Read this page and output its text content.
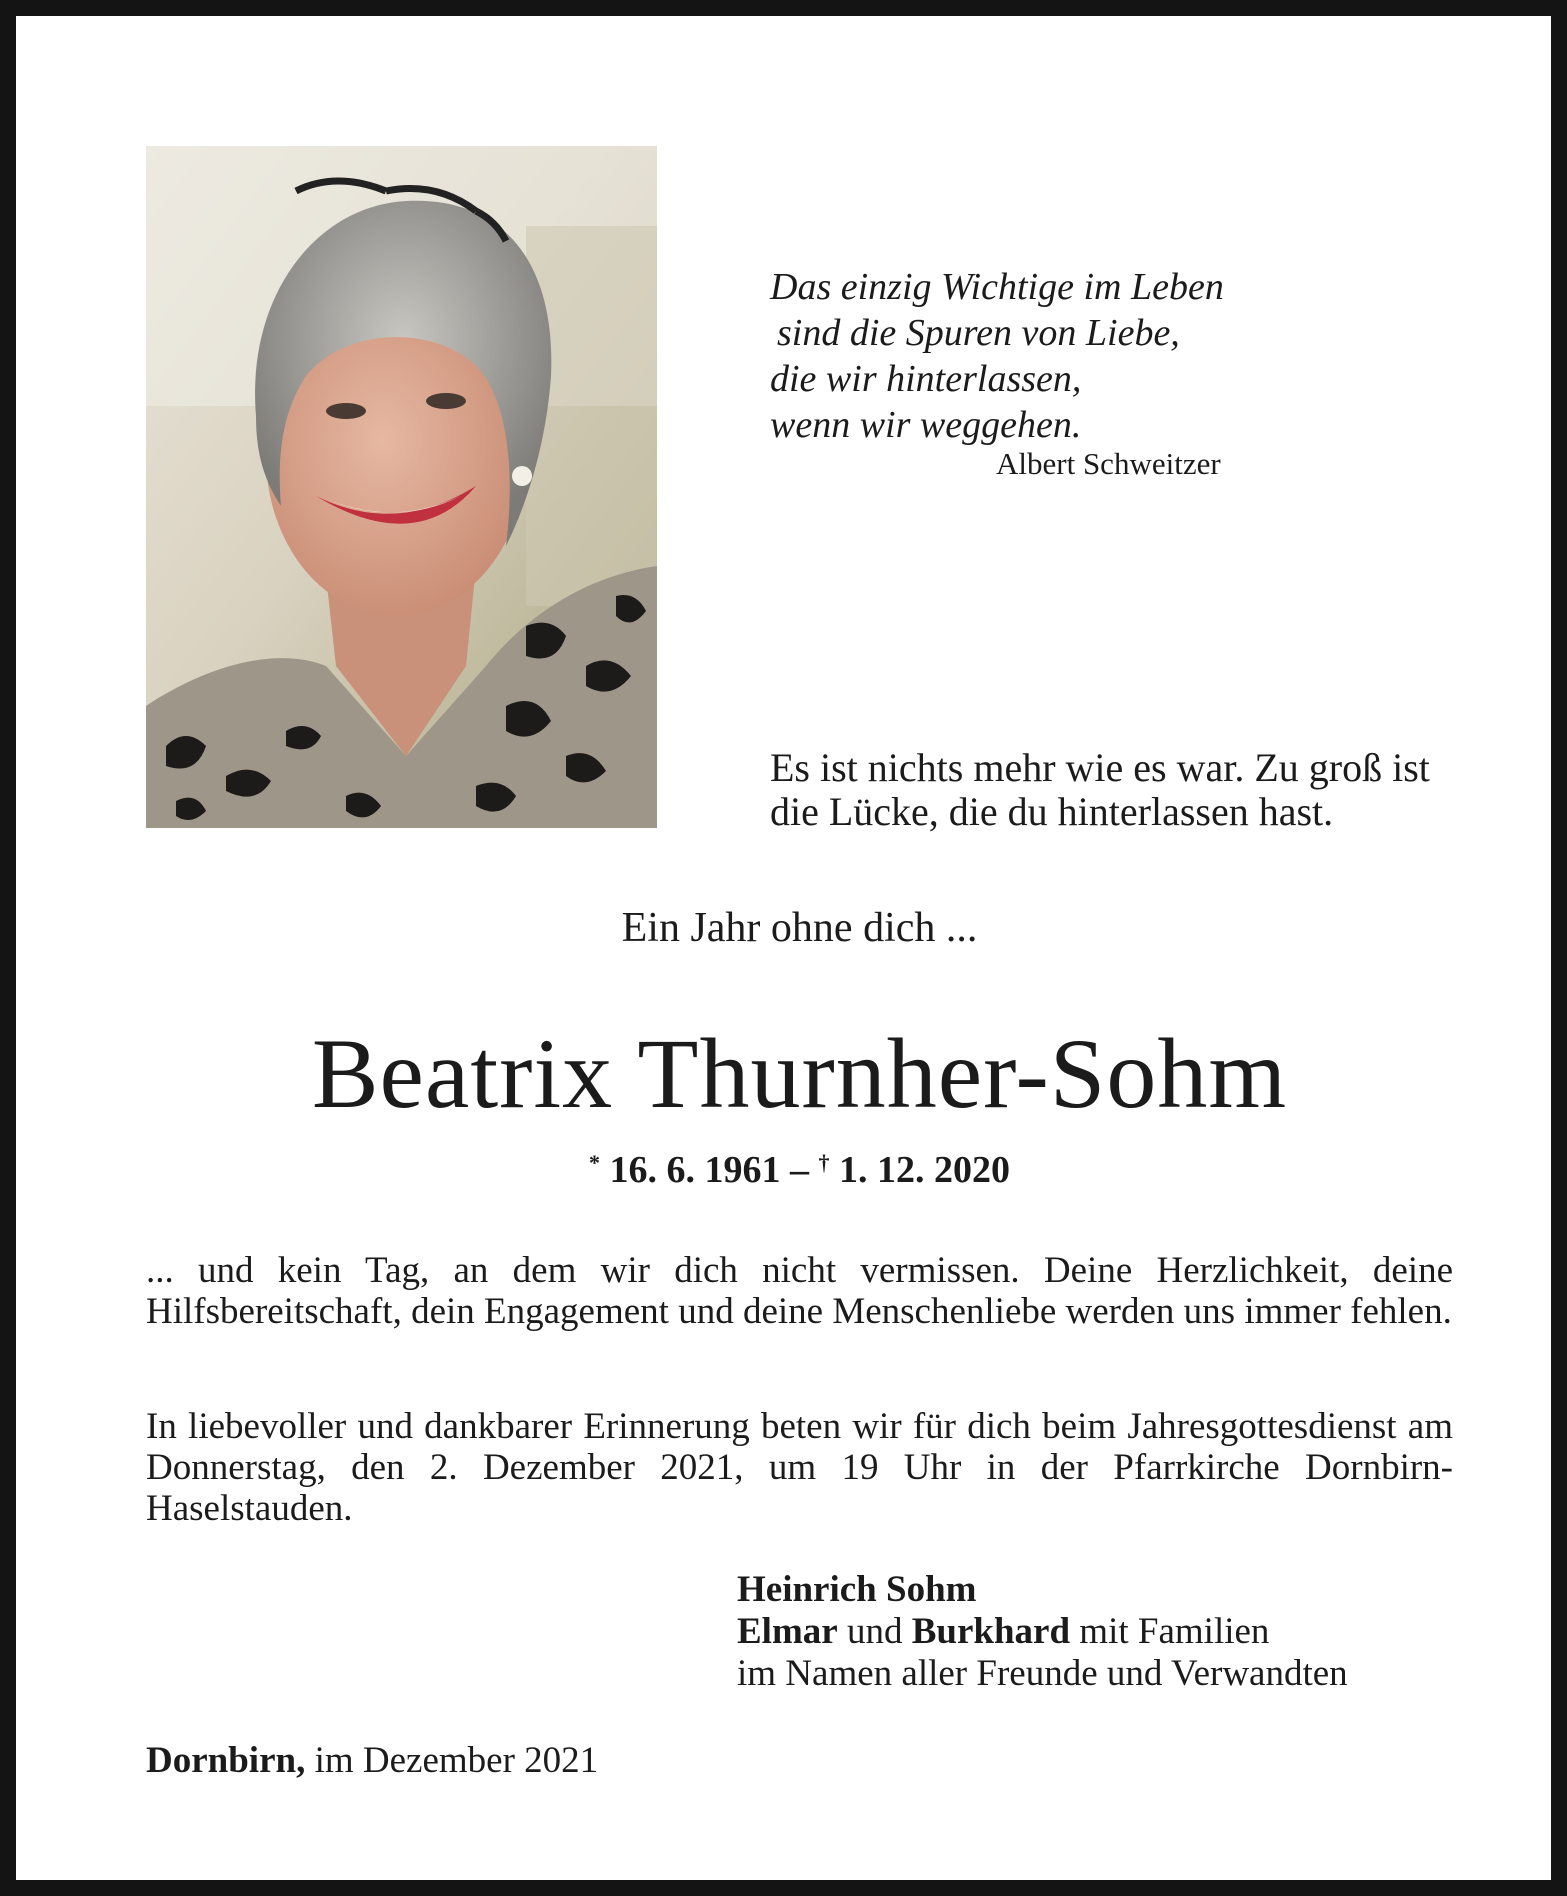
Das einzig Wichtige im Leben
sind die Spuren von Liebe,
die wir hinterlassen,
wenn wir weggehen.
Albert Schweitzer
Es ist nichts mehr wie es war. Zu groß ist
die Lücke, die du hinterlassen hast.
Ein Jahr ohne dich ...
Beatrix Thurnher-Sohm
* 16. 6. 1961 – † 1. 12. 2020
... und kein Tag, an dem wir dich nicht vermissen. Deine Herzlichkeit, deine Hilfsbereitschaft, dein Engagement und deine Menschenliebe werden uns immer fehlen.
In liebevoller und dankbarer Erinnerung beten wir für dich beim Jahresgottesdienst am Donnerstag, den 2. Dezember 2021, um 19 Uhr in der Pfarrkirche Dornbirn-Haselstauden.
Heinrich Sohm
Elmar und Burkhard mit Familien
im Namen aller Freunde und Verwandten
Dornbirn, im Dezember 2021
